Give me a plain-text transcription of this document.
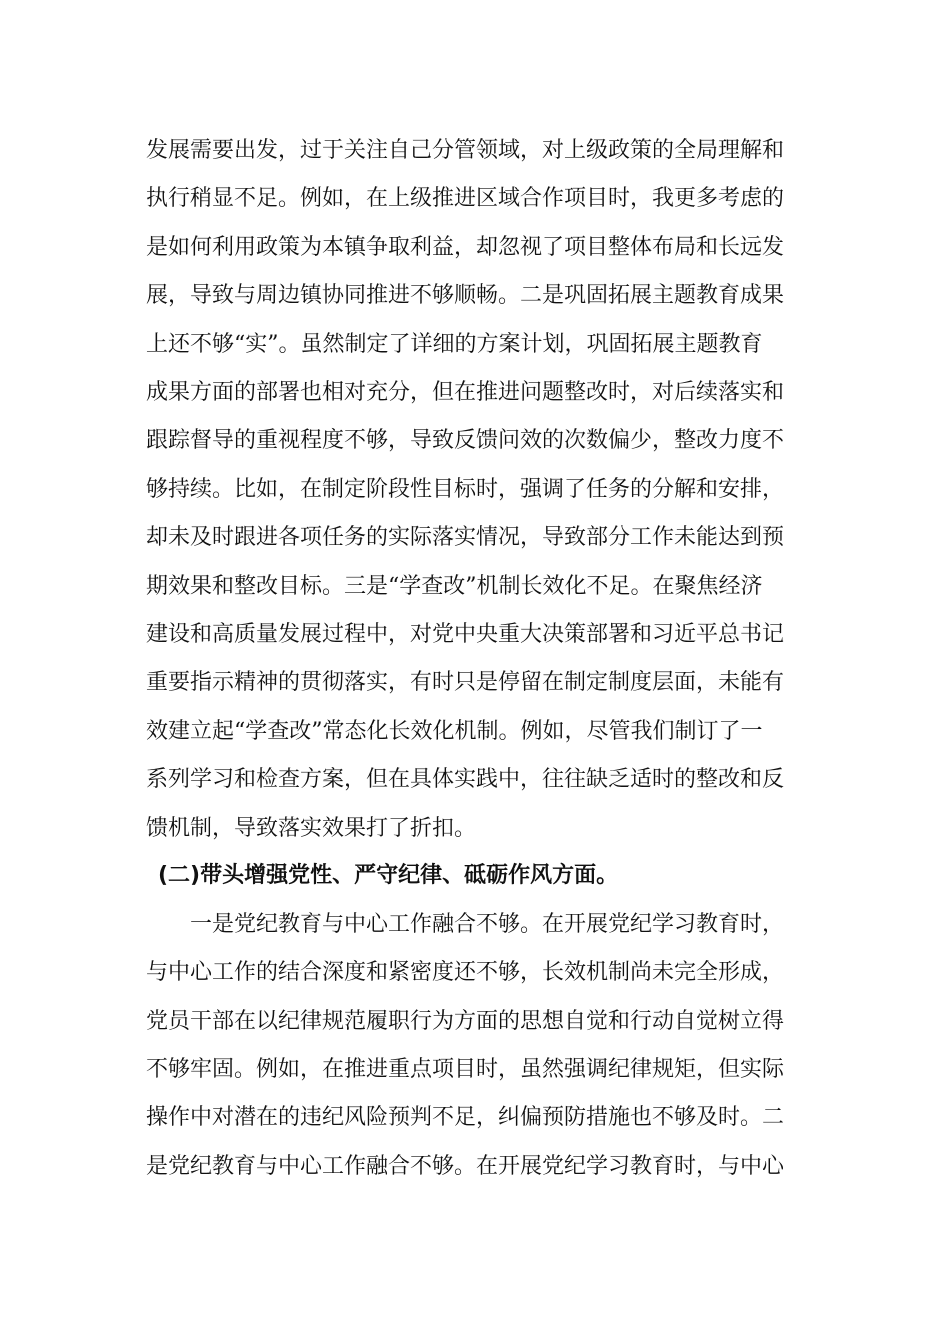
发展需要出发，过于关注自己分管领域，对上级政策的全局理解和
执行稍显不足。例如，在上级推进区域合作项目时，我更多考虑的
是如何利用政策为本镇争取利益，却忽视了项目整体布局和长远发
展，导致与周边镇协同推进不够顺畅。二是巩固拓展主题教育成果
上还不够“实”。虽然制定了详细的方案计划，巩固拓展主题教育
成果方面的部署也相对充分，但在推进问题整改时，对后续落实和
跟踪督导的重视程度不够，导致反馈问效的次数偏少，整改力度不
够持续。比如，在制定阶段性目标时，强调了任务的分解和安排，
却未及时跟进各项任务的实际落实情况，导致部分工作未能达到预
期效果和整改目标。三是“学查改”机制长效化不足。在聚焦经济
建设和高质量发展过程中，对党中央重大决策部署和习近平总书记
重要指示精神的贯彻落实，有时只是停留在制定制度层面，未能有
效建立起“学查改”常态化长效化机制。例如，尽管我们制订了一
系列学习和检查方案，但在具体实践中，往往缺乏适时的整改和反
馈机制，导致落实效果打了折扣。
(二)带头增强党性、严守纪律、砥砺作风方面。
一是党纪教育与中心工作融合不够。在开展党纪学习教育时，
与中心工作的结合深度和紧密度还不够，长效机制尚未完全形成，
党员干部在以纪律规范履职行为方面的思想自觉和行动自觉树立得
不够牢固。例如，在推进重点项目时，虽然强调纪律规矩，但实际
操作中对潜在的违纪风险预判不足，纠偏预防措施也不够及时。二
是党纪教育与中心工作融合不够。在开展党纪学习教育时，与中心
